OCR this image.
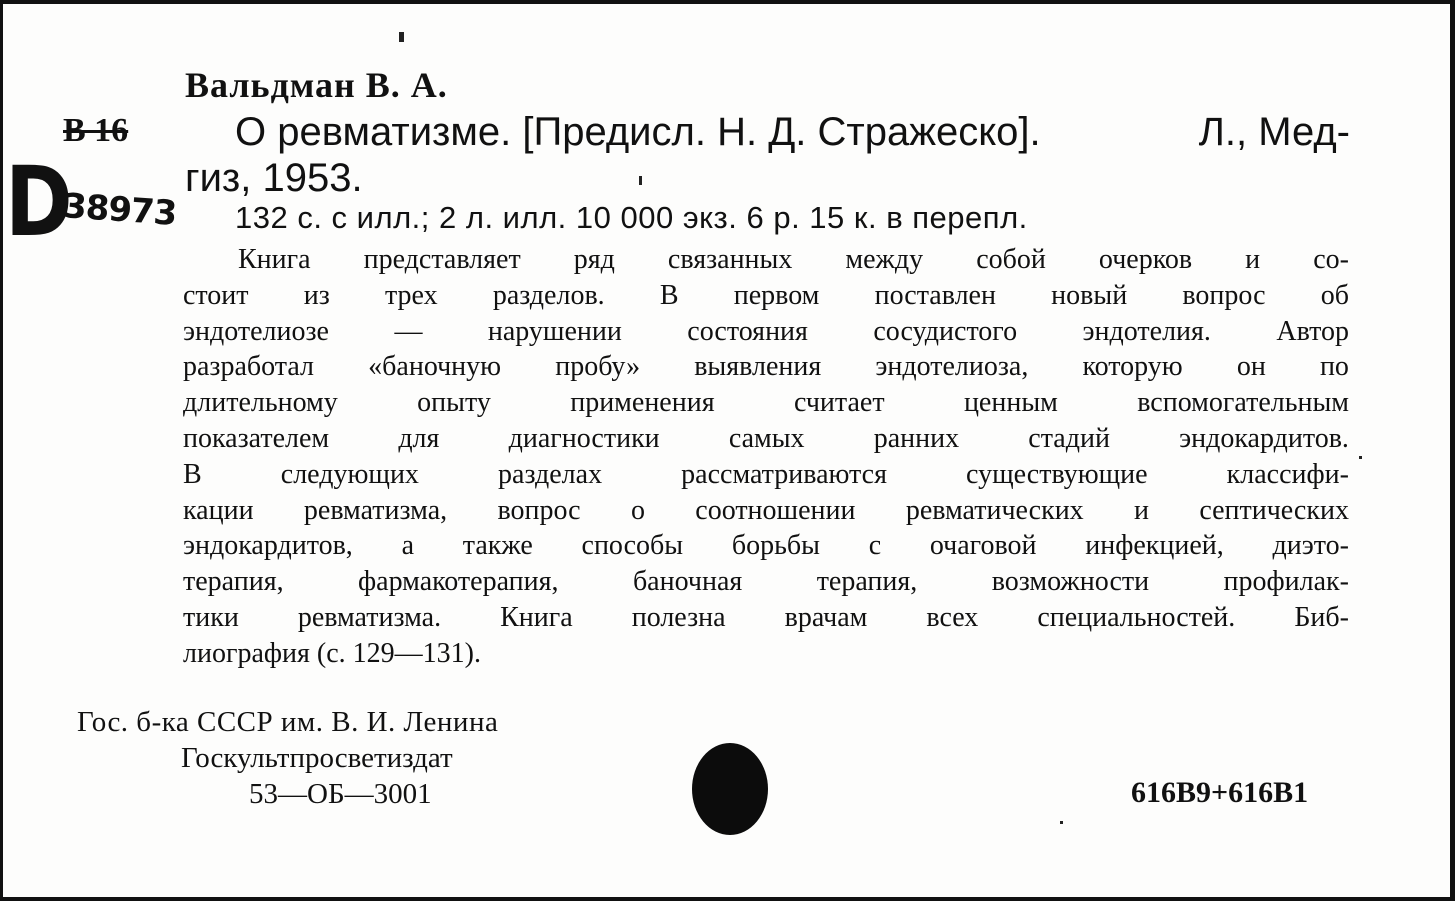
Вальдман В. А.
В 16	О ревматизме. [Предисл. Н. Д. Стражеско].	Л., Мед-
гиз, 1953.
D
38973 132 с. с илл.; 2 л. илл. 10 000 экз. 6 р. 15 к. в перепл.
Книга представляет ряд связанных между собой очерков и со-
стоит из трех разделов. В первом поставлен новый вопрос об
эндотелиозе — нарушении состояния сосудистого эндотелия. Автор
разработал «баночную пробу» выявления эндотелиоза, которую он по
длительному	опыту	применения	считает	ценным	вспомогательным
показателем для диагностики самых ранних стадий эндокардитов.
В	следующих	разделах	рассматриваются	существующие	классифи-
кации ревматизма, вопрос о соотношении ревматических и септических
эндокардитов, а также способы борьбы с очаговой инфекцией, диэто-
терапия,	фармакотерапия,	баночная	терапия,	возможности	профилак-
тики ревматизма. Книга полезна врачам всех специальностей. Биб-
лиография (с. 129—131).
Гос. б-ка СССР им. В. И. Ленина
Госкультпросветиздат
53—ОБ—3001	616В9+616В1
